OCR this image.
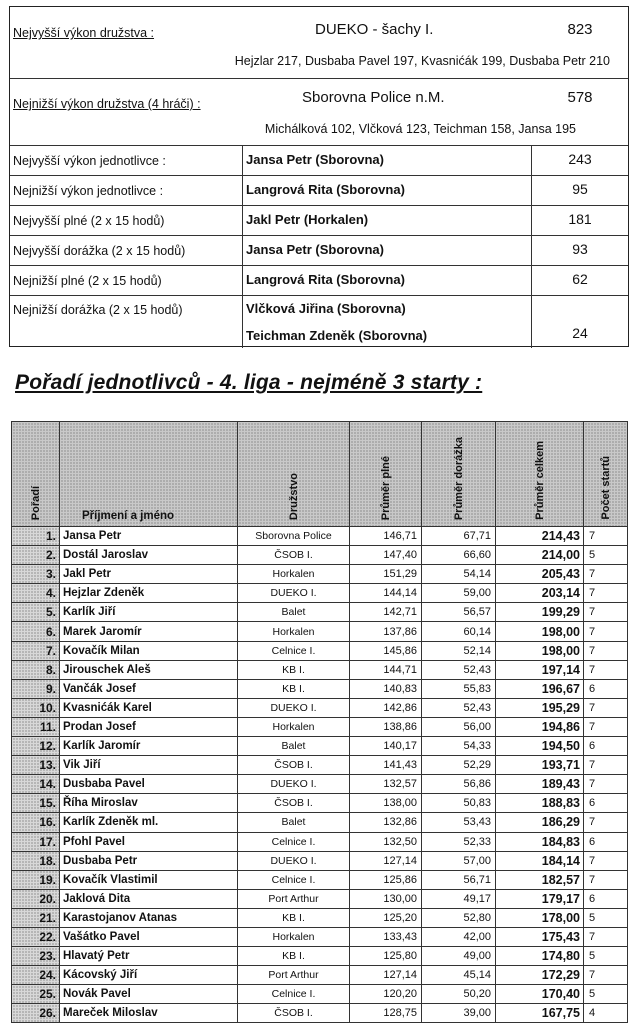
Nejvyšší výkon družstva :	DUEKO - šachy I.	823
Hejzlar 217, Dusbaba Pavel 197, Kvasnićák 199, Dusbaba Petr 210
Nejnižší výkon družstva (4 hráči) :	Sborovna Police n.M.	578
Michálková 102, Vlčková 123, Teichman 158, Jansa 195
Nejvyšší výkon jednotlivce :	Jansa Petr (Sborovna)	243
Nejnižší výkon jednotlivce :	Langrová Rita (Sborovna)	95
Nejvyšší plné (2 x 15 hodů)	Jakl Petr (Horkalen)	181
Nejvyšší dorážka (2 x 15 hodů)	Jansa Petr (Sborovna)	93
Nejnižší plné (2 x 15 hodů)	Langrová Rita (Sborovna)	62
Nejnižší dorážka (2 x 15 hodů)	Vlčková Jiřina (Sborovna)
Teichman Zdeněk (Sborovna)	24
Pořadí jednotlivců - 4. liga - nejméně 3 starty :
Pořadí	Příjmení a jméno	Družstvo	Průměr plné	Průměr dorážka	Průměr celkem	Počet startů
1.	Jansa Petr	Sborovna Police	146,71	67,71	214,43	7
2.	Dostál Jaroslav	ČSOB I.	147,40	66,60	214,00	5
3.	Jakl Petr	Horkalen	151,29	54,14	205,43	7
4.	Hejzlar Zdeněk	DUEKO I.	144,14	59,00	203,14	7
5.	Karlík Jiří	Balet	142,71	56,57	199,29	7
6.	Marek Jaromír	Horkalen	137,86	60,14	198,00	7
7.	Kovačík Milan	Celnice I.	145,86	52,14	198,00	7
8.	Jirouschek Aleš	KB I.	144,71	52,43	197,14	7
9.	Vančák Josef	KB I.	140,83	55,83	196,67	6
10.	Kvasnićák Karel	DUEKO I.	142,86	52,43	195,29	7
11.	Prodan Josef	Horkalen	138,86	56,00	194,86	7
12.	Karlík Jaromír	Balet	140,17	54,33	194,50	6
13.	Vik Jiří	ČSOB I.	141,43	52,29	193,71	7
14.	Dusbaba Pavel	DUEKO I.	132,57	56,86	189,43	7
15.	Říha Miroslav	ČSOB I.	138,00	50,83	188,83	6
16.	Karlík Zdeněk ml.	Balet	132,86	53,43	186,29	7
17.	Pfohl Pavel	Celnice I.	132,50	52,33	184,83	6
18.	Dusbaba Petr	DUEKO I.	127,14	57,00	184,14	7
19.	Kovačík Vlastimil	Celnice I.	125,86	56,71	182,57	7
20.	Jaklová Dita	Port Arthur	130,00	49,17	179,17	6
21.	Karastojanov Atanas	KB I.	125,20	52,80	178,00	5
22.	Vašátko Pavel	Horkalen	133,43	42,00	175,43	7
23.	Hlavatý Petr	KB I.	125,80	49,00	174,80	5
24.	Kácovský Jiří	Port Arthur	127,14	45,14	172,29	7
25.	Novák Pavel	Celnice I.	120,20	50,20	170,40	5
26.	Mareček Miloslav	ČSOB I.	128,75	39,00	167,75	4
